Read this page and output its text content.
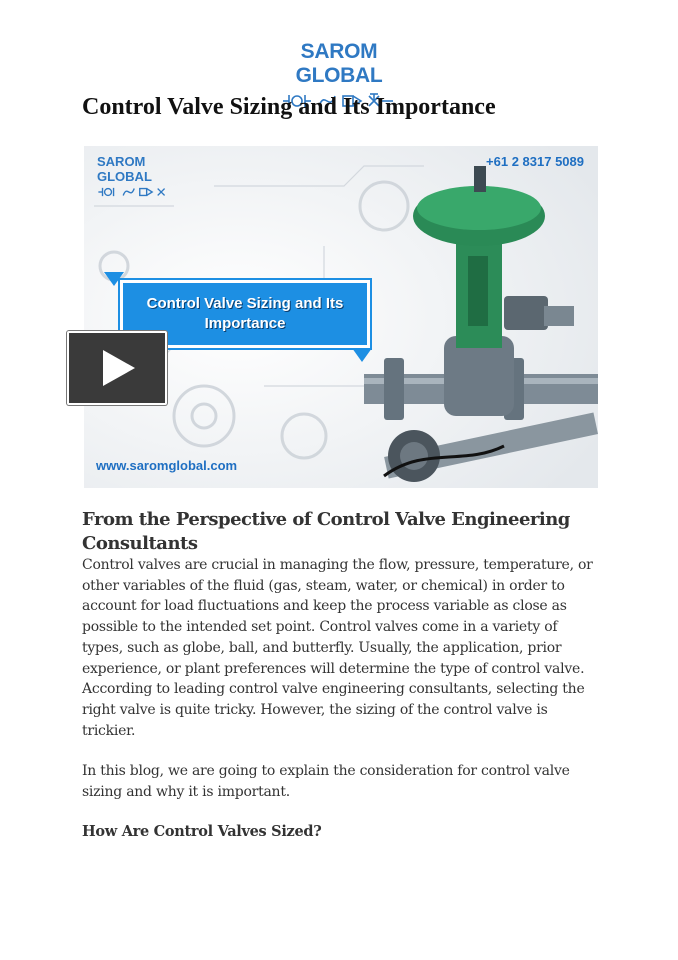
SAROM GLOBAL
Control Valve Sizing and Its Importance
SAROM GLOBAL
+61 2 8317 5089
Control Valve Sizing and Its Importance
www.saromglobal.com
From the Perspective of Control Valve Engineering Consultants

Control valves are crucial in managing the flow, pressure, temperature, or other variables of the fluid (gas, steam, water, or chemical) in order to account for load fluctuations and keep the process variable as close as possible to the intended set point. Control valves come in a variety of types, such as globe, ball, and butterfly. Usually, the application, prior experience, or plant preferences will determine the type of control valve. According to leading control valve engineering consultants, selecting the right valve is quite tricky. However, the sizing of the control valve is trickier.

In this blog, we are going to explain the consideration for control valve sizing and why it is important.

How Are Control Valves Sized?
